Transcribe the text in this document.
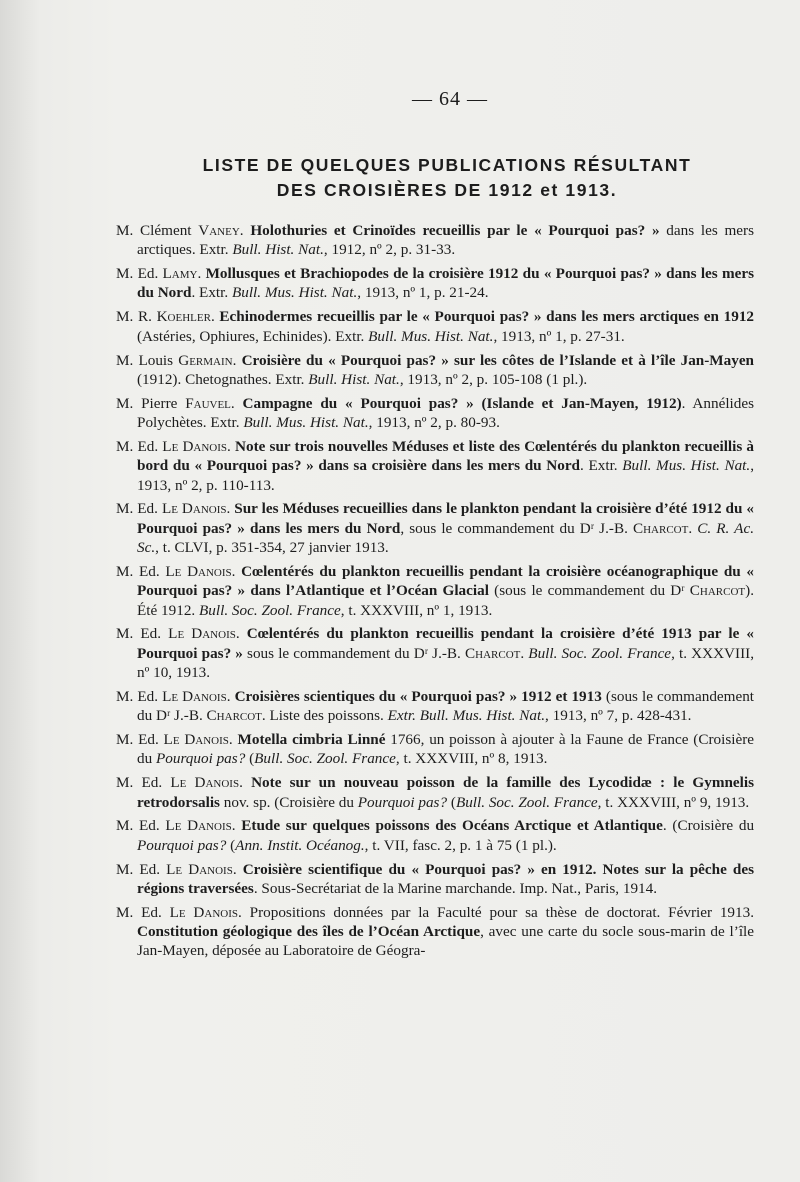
— 64 —
LISTE DE QUELQUES PUBLICATIONS RÉSULTANT
DES CROISIÈRES DE 1912 et 1913.

M. Clément Vaney. Holothuries et Crinoïdes recueillis par le « Pourquoi pas? » dans les mers arctiques. Extr. Bull. Hist. Nat., 1912, nº 2, p. 31-33.

M. Ed. Lamy. Mollusques et Brachiopodes de la croisière 1912 du « Pourquoi pas? » dans les mers du Nord. Extr. Bull. Mus. Hist. Nat., 1913, nº 1, p. 21-24.

M. R. Koehler. Echinodermes recueillis par le « Pourquoi pas? » dans les mers arctiques en 1912 (Astéries, Ophiures, Echinides). Extr. Bull. Mus. Hist. Nat., 1913, nº 1, p. 27-31.

M. Louis Germain. Croisière du « Pourquoi pas? » sur les côtes de l’Islande et à l’île Jan-Mayen (1912). Chetognathes. Extr. Bull. Hist. Nat., 1913, nº 2, p. 105-108 (1 pl.).

M. Pierre Fauvel. Campagne du « Pourquoi pas? » (Islande et Jan-Mayen, 1912). Annélides Polychètes. Extr. Bull. Mus. Hist. Nat., 1913, nº 2, p. 80-93.

M. Ed. Le Danois. Note sur trois nouvelles Méduses et liste des Cœlentérés du plankton recueillis à bord du « Pourquoi pas? » dans sa croisière dans les mers du Nord. Extr. Bull. Mus. Hist. Nat., 1913, nº 2, p. 110-113.

M. Ed. Le Danois. Sur les Méduses recueillies dans le plankton pendant la croisière d’été 1912 du « Pourquoi pas? » dans les mers du Nord, sous le commandement du Dʳ J.-B. Charcot. C. R. Ac. Sc., t. CLVI, p. 351-354, 27 janvier 1913.

M. Ed. Le Danois. Cœlentérés du plankton recueillis pendant la croisière océanographique du « Pourquoi pas? » dans l’Atlantique et l’Océan Glacial (sous le commandement du Dʳ Charcot). Été 1912. Bull. Soc. Zool. France, t. XXXVIII, nº 1, 1913.

M. Ed. Le Danois. Cœlentérés du plankton recueillis pendant la croisière d’été 1913 par le « Pourquoi pas? » sous le commandement du Dʳ J.-B. Charcot. Bull. Soc. Zool. France, t. XXXVIII, nº 10, 1913.

M. Ed. Le Danois. Croisières scientiques du « Pourquoi pas? » 1912 et 1913 (sous le commandement du Dʳ J.-B. Charcot. Liste des poissons. Extr. Bull. Mus. Hist. Nat., 1913, nº 7, p. 428-431.

M. Ed. Le Danois. Motella cimbria Linné 1766, un poisson à ajouter à la Faune de France (Croisière du Pourquoi pas? (Bull. Soc. Zool. France, t. XXXVIII, nº 8, 1913.

M. Ed. Le Danois. Note sur un nouveau poisson de la famille des Lycodidæ : le Gymnelis retrodorsalis nov. sp. (Croisière du Pourquoi pas? (Bull. Soc. Zool. France, t. XXXVIII, nº 9, 1913.

M. Ed. Le Danois. Etude sur quelques poissons des Océans Arctique et Atlantique. (Croisière du Pourquoi pas? (Ann. Instit. Océanog., t. VII, fasc. 2, p. 1 à 75 (1 pl.).

M. Ed. Le Danois. Croisière scientifique du « Pourquoi pas? » en 1912. Notes sur la pêche des régions traversées. Sous-Secrétariat de la Marine marchande. Imp. Nat., Paris, 1914.

M. Ed. Le Danois. Propositions données par la Faculté pour sa thèse de doctorat. Février 1913. Constitution géologique des îles de l’Océan Arctique, avec une carte du socle sous-marin de l’île Jan-Mayen, déposée au Laboratoire de Géogra-
